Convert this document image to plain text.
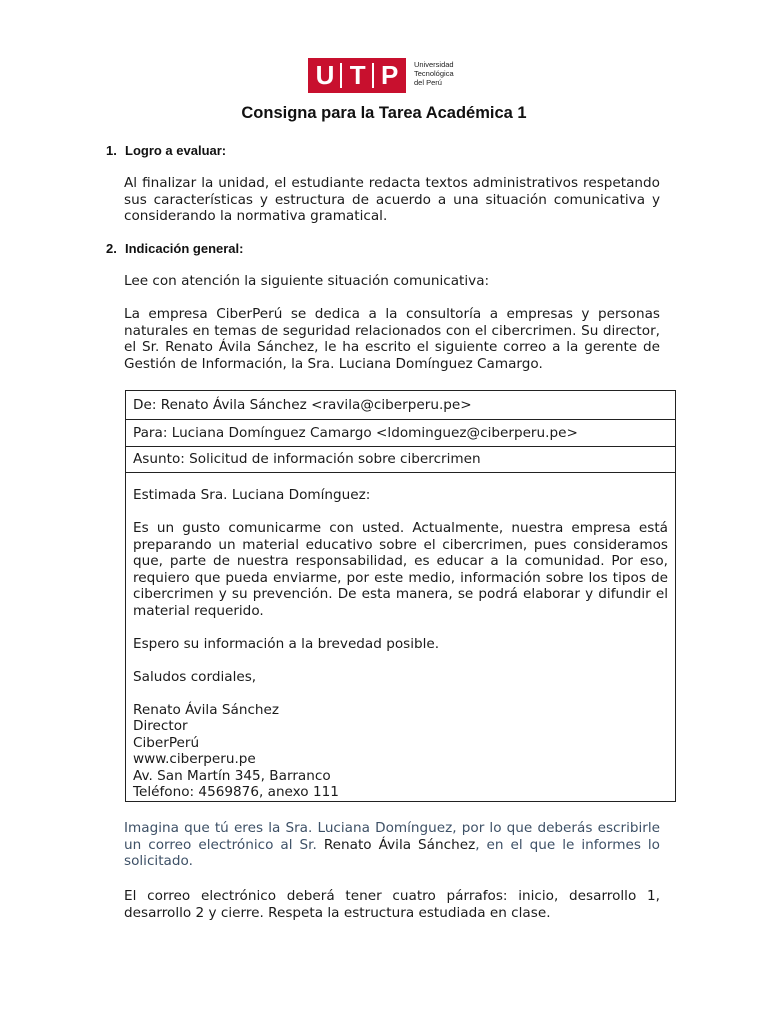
U T P Universidad
Tecnológica
del Perú
Consigna para la Tarea Académica 1
1. Logro a evaluar:
Al finalizar la unidad, el estudiante redacta textos administrativos respetando sus características y estructura de acuerdo a una situación comunicativa y considerando la normativa gramatical.
2. Indicación general:
Lee con atención la siguiente situación comunicativa:
La empresa CiberPerú se dedica a la consultoría a empresas y personas naturales en temas de seguridad relacionados con el cibercrimen. Su director, el Sr. Renato Ávila Sánchez, le ha escrito el siguiente correo a la gerente de Gestión de Información, la Sra. Luciana Domínguez Camargo.
De: Renato Ávila Sánchez <ravila@ciberperu.pe>
Para: Luciana Domínguez Camargo <ldominguez@ciberperu.pe>
Asunto: Solicitud de información sobre cibercrimen

Estimada Sra. Luciana Domínguez:

Es un gusto comunicarme con usted. Actualmente, nuestra empresa está preparando un material educativo sobre el cibercrimen, pues consideramos que, parte de nuestra responsabilidad, es educar a la comunidad. Por eso, requiero que pueda enviarme, por este medio, información sobre los tipos de cibercrimen y su prevención. De esta manera, se podrá elaborar y difundir el material requerido.

Espero su información a la brevedad posible.

Saludos cordiales,

Renato Ávila Sánchez
Director
CiberPerú
www.ciberperu.pe
Av. San Martín 345, Barranco
Teléfono: 4569876, anexo 111
Imagina que tú eres la Sra. Luciana Domínguez, por lo que deberás escribirle un correo electrónico al Sr. Renato Ávila Sánchez, en el que le informes lo solicitado.
El correo electrónico deberá tener cuatro párrafos: inicio, desarrollo 1, desarrollo 2 y cierre. Respeta la estructura estudiada en clase.
